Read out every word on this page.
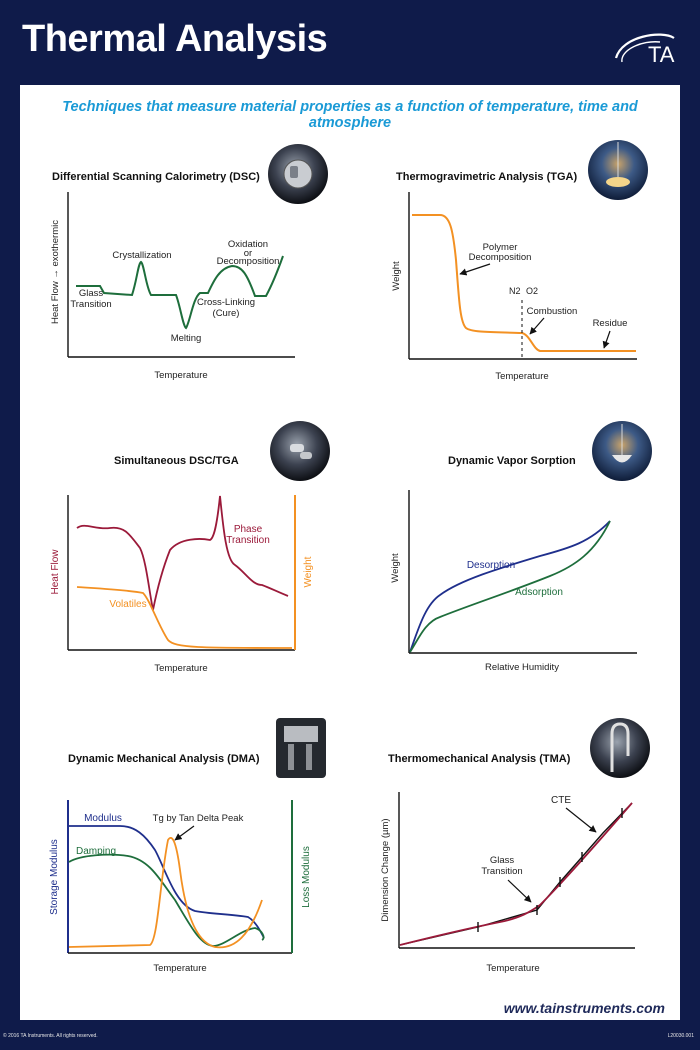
Thermal Analysis	TA
Techniques that measure material properties as a function of temperature, time and atmosphere
Differential Scanning Calorimetry (DSC)
Heat Flow → exothermic
Temperature
Glass
Transition
Crystallization
Melting
Cross-Linking
(Cure)
Oxidation
or
Decomposition
Thermogravimetric Analysis (TGA)
Weight
Temperature
Polymer
Decomposition
N2 O2
Combustion
Residue
Simultaneous DSC/TGA
Heat Flow	Weight
Temperature
Phase
Transition
Volatiles
Dynamic Vapor Sorption
Weight
Relative Humidity
Desorption
Adsorption
Dynamic Mechanical Analysis (DMA)
Storage Modulus	Loss Modulus
Temperature
Modulus
Damping
Tg by Tan Delta Peak
Thermomechanical Analysis (TMA)
Dimension Change (µm)
Temperature
CTE
Glass
Transition
www.tainstruments.com
© 2016 TA Instruments. All rights reserved.	L20030.001
